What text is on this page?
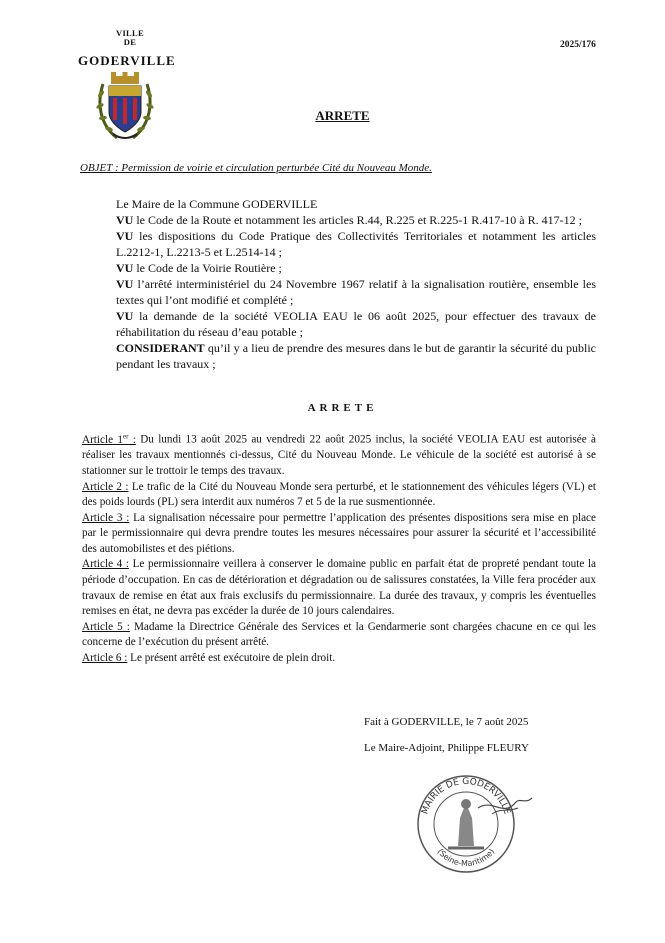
VILLE
DE
GODERVILLE
2025/176
ARRETE
OBJET : Permission de voirie et circulation perturbée Cité du Nouveau Monde.

Le Maire de la Commune GODERVILLE

VU le Code de la Route et notamment les articles R.44, R.225 et R.225-1 R.417-10 à R. 417-12 ;

VU les dispositions du Code Pratique des Collectivités Territoriales et notamment les articles L.2212-1, L.2213-5 et L.2514-14 ;

VU le Code de la Voirie Routière ;

VU l’arrêté interministériel du 24 Novembre 1967 relatif à la signalisation routière, ensemble les textes qui l’ont modifié et complété ;

VU la demande de la société VEOLIA EAU le 06 août 2025, pour effectuer des travaux de réhabilitation du réseau d’eau potable ;

CONSIDERANT qu’il y a lieu de prendre des mesures dans le but de garantir la sécurité du public pendant les travaux ;

ARRETE

Article 1er : Du lundi 13 août 2025 au vendredi 22 août 2025 inclus, la société VEOLIA EAU est autorisée à réaliser les travaux mentionnés ci-dessus, Cité du Nouveau Monde. Le véhicule de la société est autorisé à se stationner sur le trottoir le temps des travaux.

Article 2 : Le trafic de la Cité du Nouveau Monde sera perturbé, et le stationnement des véhicules légers (VL) et des poids lourds (PL) sera interdit aux numéros 7 et 5 de la rue susmentionnée.

Article 3 : La signalisation nécessaire pour permettre l’application des présentes dispositions sera mise en place par le permissionnaire qui devra prendre toutes les mesures nécessaires pour assurer la sécurité et l’accessibilité des automobilistes et des piétions.

Article 4 : Le permissionnaire veillera à conserver le domaine public en parfait état de propreté pendant toute la période d’occupation. En cas de détérioration et dégradation ou de salissures constatées, la Ville fera procéder aux travaux de remise en état aux frais exclusifs du permissionnaire. La durée des travaux, y compris les éventuelles remises en état, ne devra pas excéder la durée de 10 jours calendaires.

Article 5 : Madame la Directrice Générale des Services et la Gendarmerie sont chargées chacune en ce qui les concerne de l’exécution du présent arrêté.

Article 6 : Le présent arrêté est exécutoire de plein droit.

Fait à GODERVILLE, le 7 août 2025
Le Maire-Adjoint, Philippe FLEURY
MAIRIE DE GODERVILLE
(Seine-Maritime)
